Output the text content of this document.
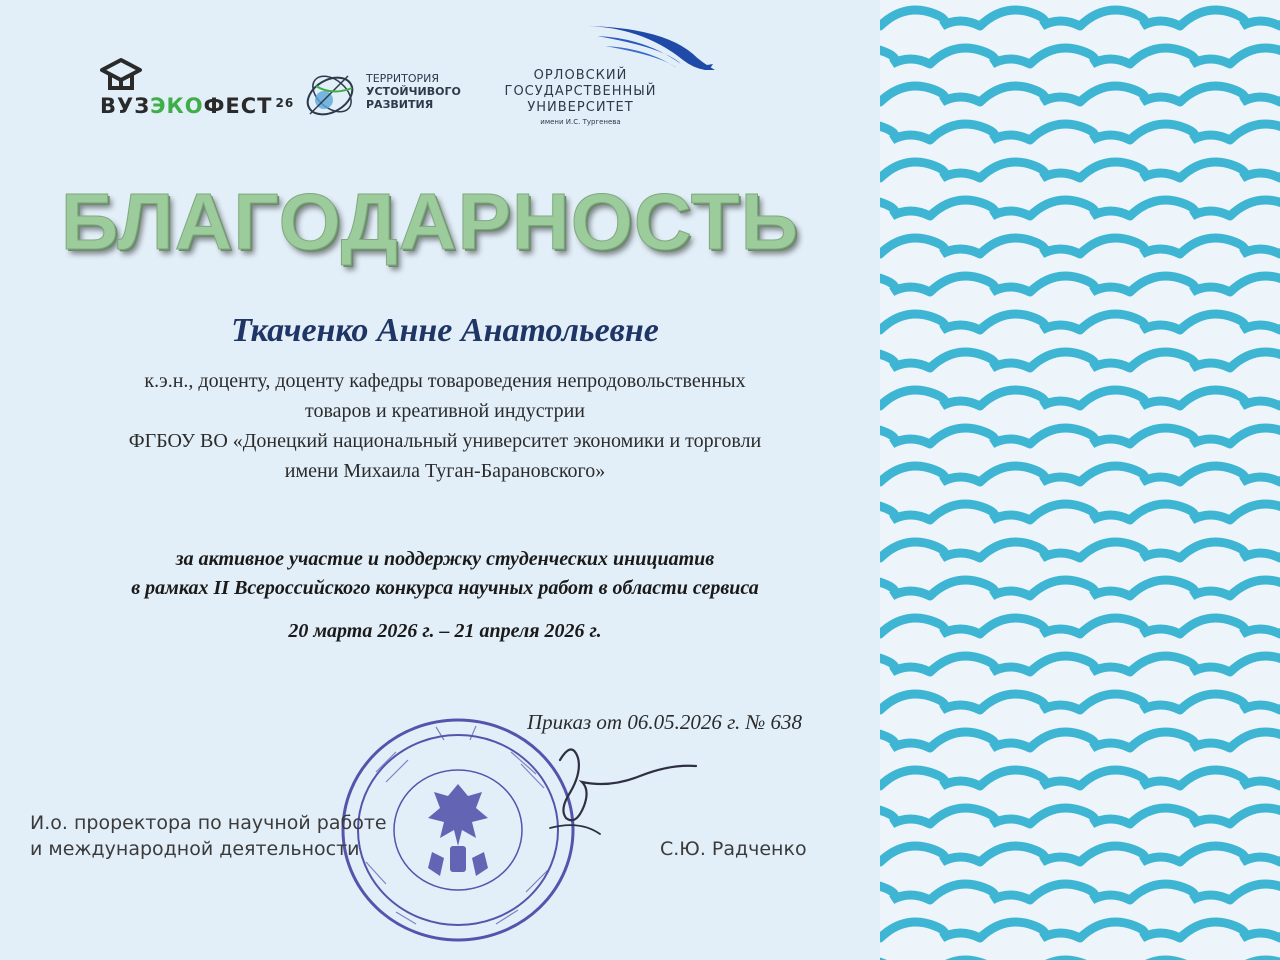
ВУЗЭКОФЕСТ $^{26}$
ТЕРРИТОРИЯ
УСТОЙЧИВОГО
РАЗВИТИЯ
ОРЛОВСКИЙ
ГОСУДАРСТВЕННЫЙ
УНИВЕРСИТЕТ
имени И.С. Тургенева
БЛАГОДАРНОСТЬ
Ткаченко Анне Анатольевне
к.э.н., доценту, доценту кафедры товароведения непродовольственных
товаров и креативной индустрии
ФГБОУ ВО «Донецкий национальный университет экономики и торговли
имени Михаила Туган-Барановского»
за активное участие и поддержку студенческих инициатив
в рамках II Всероссийского конкурса научных работ в области сервиса
20 марта 2026 г. – 21 апреля 2026 г.
Приказ от 06.05.2026 г. № 638
И.о. проректора по научной работе
и международной деятельности	С.Ю. Радченко
